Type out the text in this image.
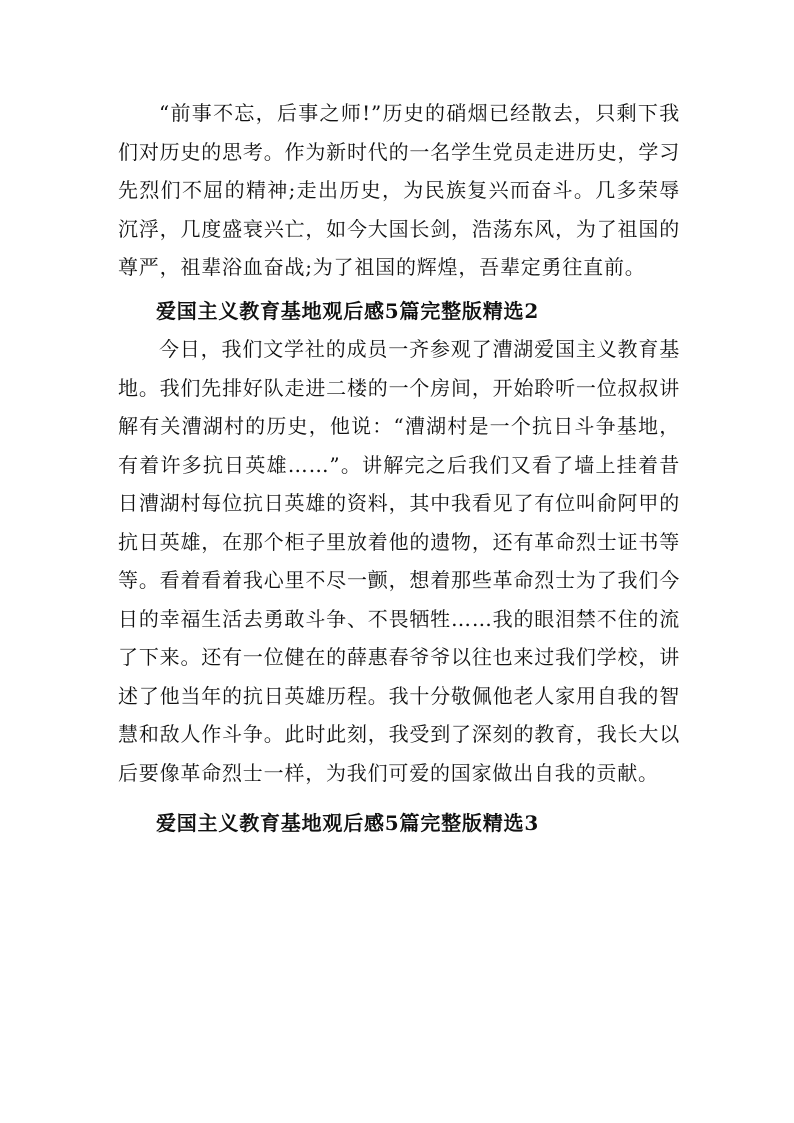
“前事不忘，后事之师!”历史的硝烟已经散去，只剩下我们对历史的思考。作为新时代的一名学生党员走进历史，学习先烈们不屈的精神;走出历史，为民族复兴而奋斗。几多荣辱沉浮，几度盛衰兴亡，如今大国长剑，浩荡东风，为了祖国的尊严，祖辈浴血奋战;为了祖国的辉煌，吾辈定勇往直前。

爱国主义教育基地观后感5篇完整版精选2

今日，我们文学社的成员一齐参观了漕湖爱国主义教育基地。我们先排好队走进二楼的一个房间，开始聆听一位叔叔讲解有关漕湖村的历史，他说：“漕湖村是一个抗日斗争基地，有着许多抗日英雄……”。讲解完之后我们又看了墙上挂着昔日漕湖村每位抗日英雄的资料，其中我看见了有位叫俞阿甲的抗日英雄，在那个柜子里放着他的遗物，还有革命烈士证书等等。看着看着我心里不尽一颤，想着那些革命烈士为了我们今日的幸福生活去勇敢斗争、不畏牺牲……我的眼泪禁不住的流了下来。还有一位健在的薛惠春爷爷以往也来过我们学校，讲述了他当年的抗日英雄历程。我十分敬佩他老人家用自我的智慧和敌人作斗争。此时此刻，我受到了深刻的教育，我长大以后要像革命烈士一样，为我们可爱的国家做出自我的贡献。

爱国主义教育基地观后感5篇完整版精选3
